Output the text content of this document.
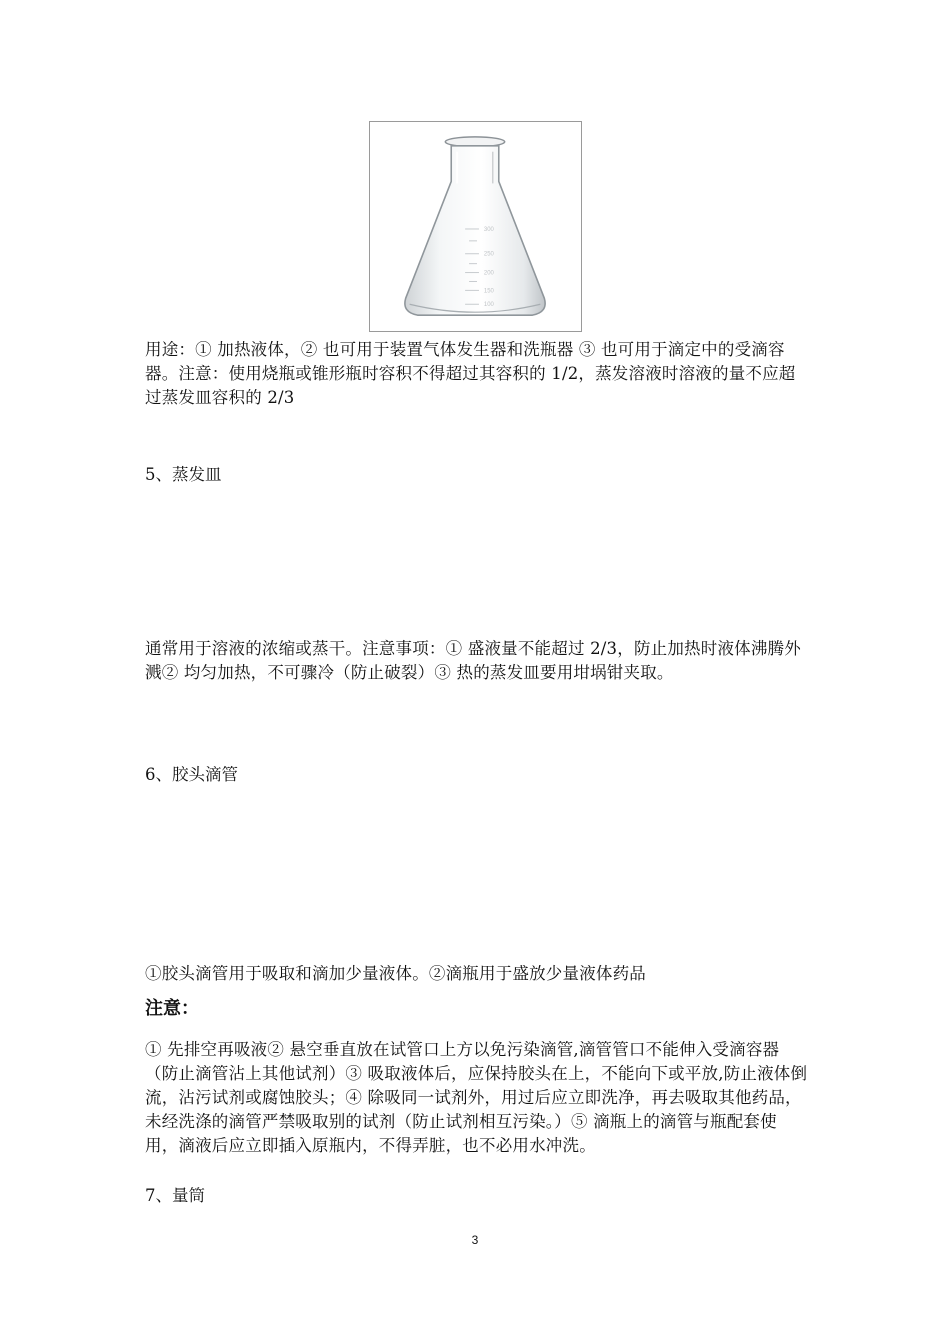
300
250
200
150
100

用途：① 加热液体，② 也可用于装置气体发生器和洗瓶器 ③ 也可用于滴定中的受滴容器。注意：使用烧瓶或锥形瓶时容积不得超过其容积的 1/2，蒸发溶液时溶液的量不应超过蒸发皿容积的 2/3

5、蒸发皿

通常用于溶液的浓缩或蒸干。注意事项：① 盛液量不能超过 2/3，防止加热时液体沸腾外溅② 均匀加热，不可骤冷（防止破裂）③ 热的蒸发皿要用坩埚钳夹取。

6、胶头滴管

①胶头滴管用于吸取和滴加少量液体。②滴瓶用于盛放少量液体药品

注意：

① 先排空再吸液② 悬空垂直放在试管口上方以免污染滴管,滴管管口不能伸入受滴容器（防止滴管沾上其他试剂）③ 吸取液体后，应保持胶头在上，不能向下或平放,防止液体倒流，沾污试剂或腐蚀胶头；④ 除吸同一试剂外，用过后应立即洗净，再去吸取其他药品，未经洗涤的滴管严禁吸取别的试剂（防止试剂相互污染。）⑤ 滴瓶上的滴管与瓶配套使用，滴液后应立即插入原瓶内，不得弄脏，也不必用水冲洗。

7、量筒

3
